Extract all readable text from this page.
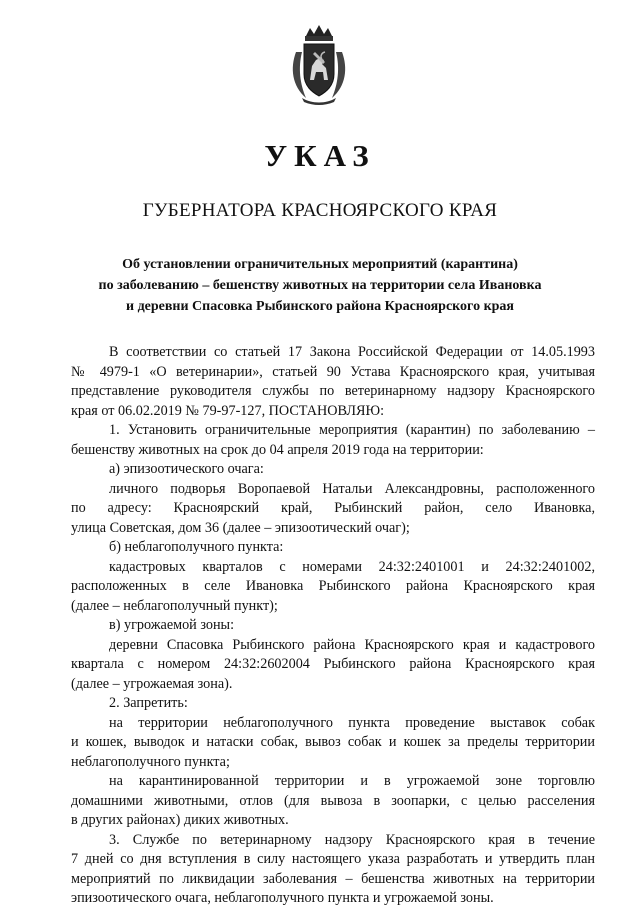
УКАЗ
ГУБЕРНАТОРА КРАСНОЯРСКОГО КРАЯ
Об установлении ограничительных мероприятий (карантина)
по заболеванию – бешенству животных на территории села Ивановка
и деревни Спасовка Рыбинского района Красноярского края

В соответствии со статьей 17 Закона Российской Федерации от 14.05.1993

№ 4979-1 «О ветеринарии», статьей 90 Устава Красноярского края, учитывая

представление руководителя службы по ветеринарному надзору Красноярского

края от 06.02.2019 № 79-97-127, ПОСТАНОВЛЯЮ:

1. Установить ограничительные мероприятия (карантин) по заболеванию –

бешенству животных на срок до 04 апреля 2019 года на территории:

а) эпизоотического очага:

личного подворья Воропаевой Натальи Александровны, расположенного

по адресу: Красноярский край, Рыбинский район, село Ивановка,

улица Советская, дом 36 (далее – эпизоотический очаг);

б) неблагополучного пункта:

кадастровых кварталов с номерами 24:32:2401001 и 24:32:2401002,

расположенных в селе Ивановка Рыбинского района Красноярского края

(далее – неблагополучный пункт);

в) угрожаемой зоны:

деревни Спасовка Рыбинского района Красноярского края и кадастрового

квартала с номером 24:32:2602004 Рыбинского района Красноярского края

(далее – угрожаемая зона).

2. Запретить:

на территории неблагополучного пункта проведение выставок собак

и кошек, выводок и натаски собак, вывоз собак и кошек за пределы территории

неблагополучного пункта;

на карантинированной территории и в угрожаемой зоне торговлю

домашними животными, отлов (для вывоза в зоопарки, с целью расселения

в других районах) диких животных.

3. Службе по ветеринарному надзору Красноярского края в течение

7 дней со дня вступления в силу настоящего указа разработать и утвердить план

мероприятий по ликвидации заболевания – бешенства животных на территории

эпизоотического очага, неблагополучного пункта и угрожаемой зоны.
